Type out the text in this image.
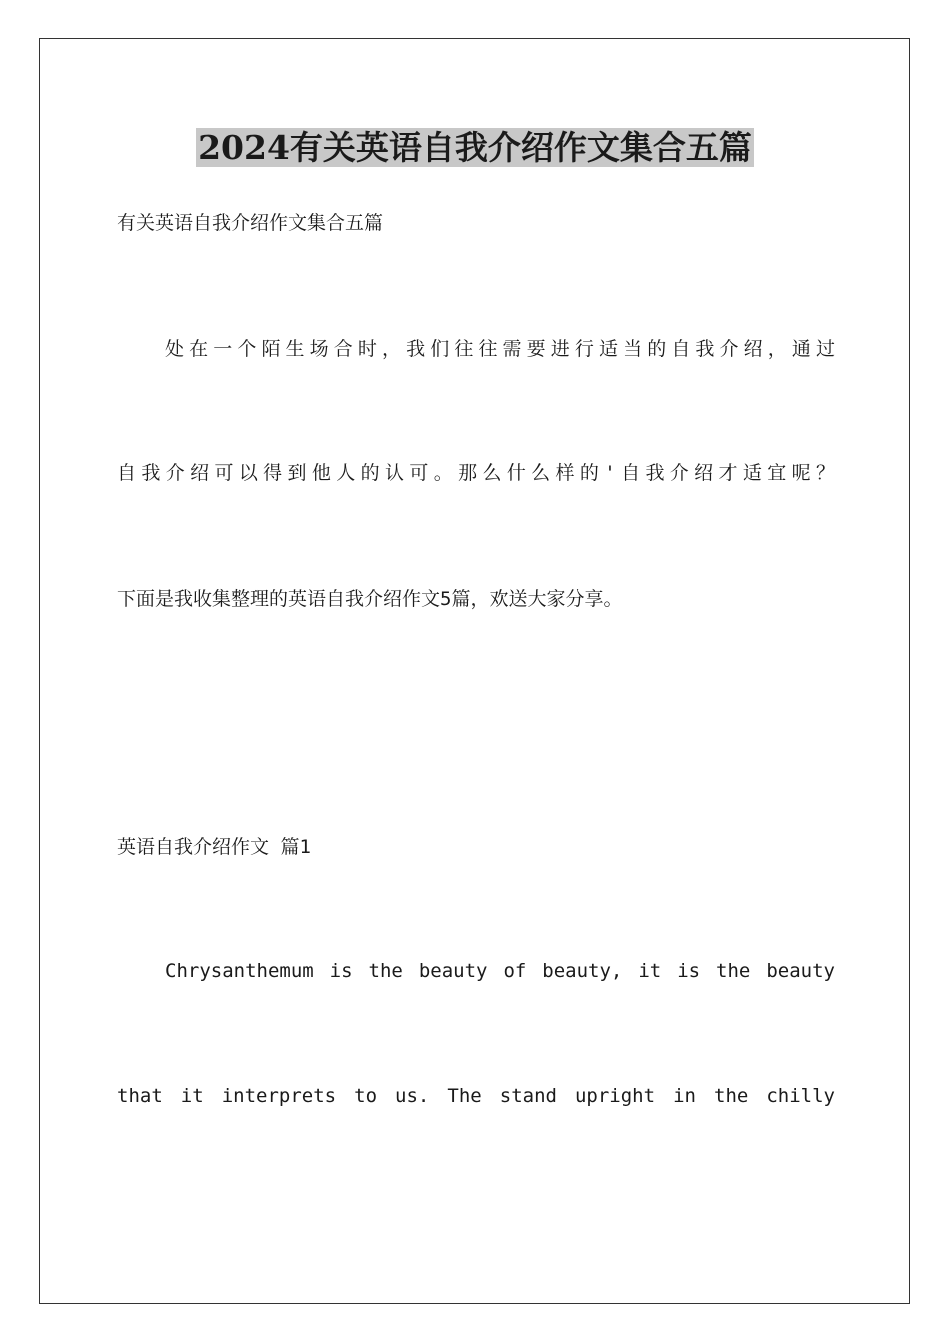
2024有关英语自我介绍作文集合五篇

有关英语自我介绍作文集合五篇

处在一个陌生场合时，我们往往需要进行适当的自我介绍，通过

自我介绍可以得到他人的认可。那么什么样的'自我介绍才适宜呢？

下面是我收集整理的英语自我介绍作文5篇，欢送大家分享。

英语自我介绍作文 篇1

Chrysanthemum is the beauty of beauty, it is the beauty

that it interprets to us. The stand upright in the chilly
